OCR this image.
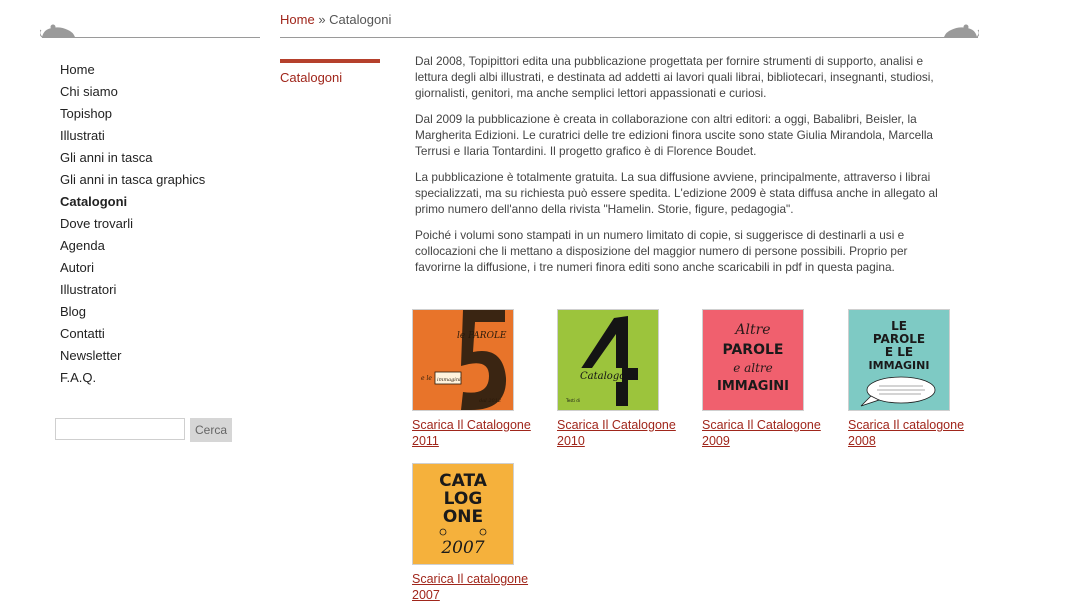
Home » Catalogoni
Home
Chi siamo
Topishop
Illustrati
Gli anni in tasca
Gli anni in tasca graphics
Catalogoni
Dove trovarli
Agenda
Autori
Illustratori
Blog
Contatti
Newsletter
F.A.Q.
Cerca
Catalogoni

Dal 2008, Topipittori edita una pubblicazione progettata per fornire strumenti di supporto, analisi e lettura degli albi illustrati, e destinata ad addetti ai lavori quali librai, bibliotecari, insegnanti, studiosi, giornalisti, genitori, ma anche semplici lettori appassionati e curiosi.

Dal 2009 la pubblicazione è creata in collaborazione con altri editori: a oggi, Babalibri, Beisler, la Margherita Edizioni. Le curatrici delle tre edizioni finora uscite sono state Giulia Mirandola, Marcella Terrusi e Ilaria Tontardini. Il progetto grafico è di Florence Boudet.

La pubblicazione è totalmente gratuita. La sua diffusione avviene, principalmente, attraverso i librai specializzati, ma su richiesta può essere spedita. L'edizione 2009 è stata diffusa anche in allegato al primo numero dell'anno della rivista "Hamelin. Storie, figure, pedagogia".

Poiché i volumi sono stampati in un numero limitato di copie, si suggerisce di destinarli a usi e collocazioni che li mettano a disposizione del maggior numero di persone possibili. Proprio per favorirne la diffusione, i tre numeri finora editi sono anche scaricabili in pdf in questa pagina.

le PAROLE
e le immagini
dal 2012
Scarica Il Catalogone
2011
Catalogone
Testi di
Scarica Il Catalogone
2010
Altre
PAROLE
e altre
IMMAGINI
Scarica Il Catalogone
2009
LE
PAROLE
E LE
IMMAGINI
Scarica Il catalogone
2008
CATA
LOG
ONE
2007
Scarica Il catalogone
2007
